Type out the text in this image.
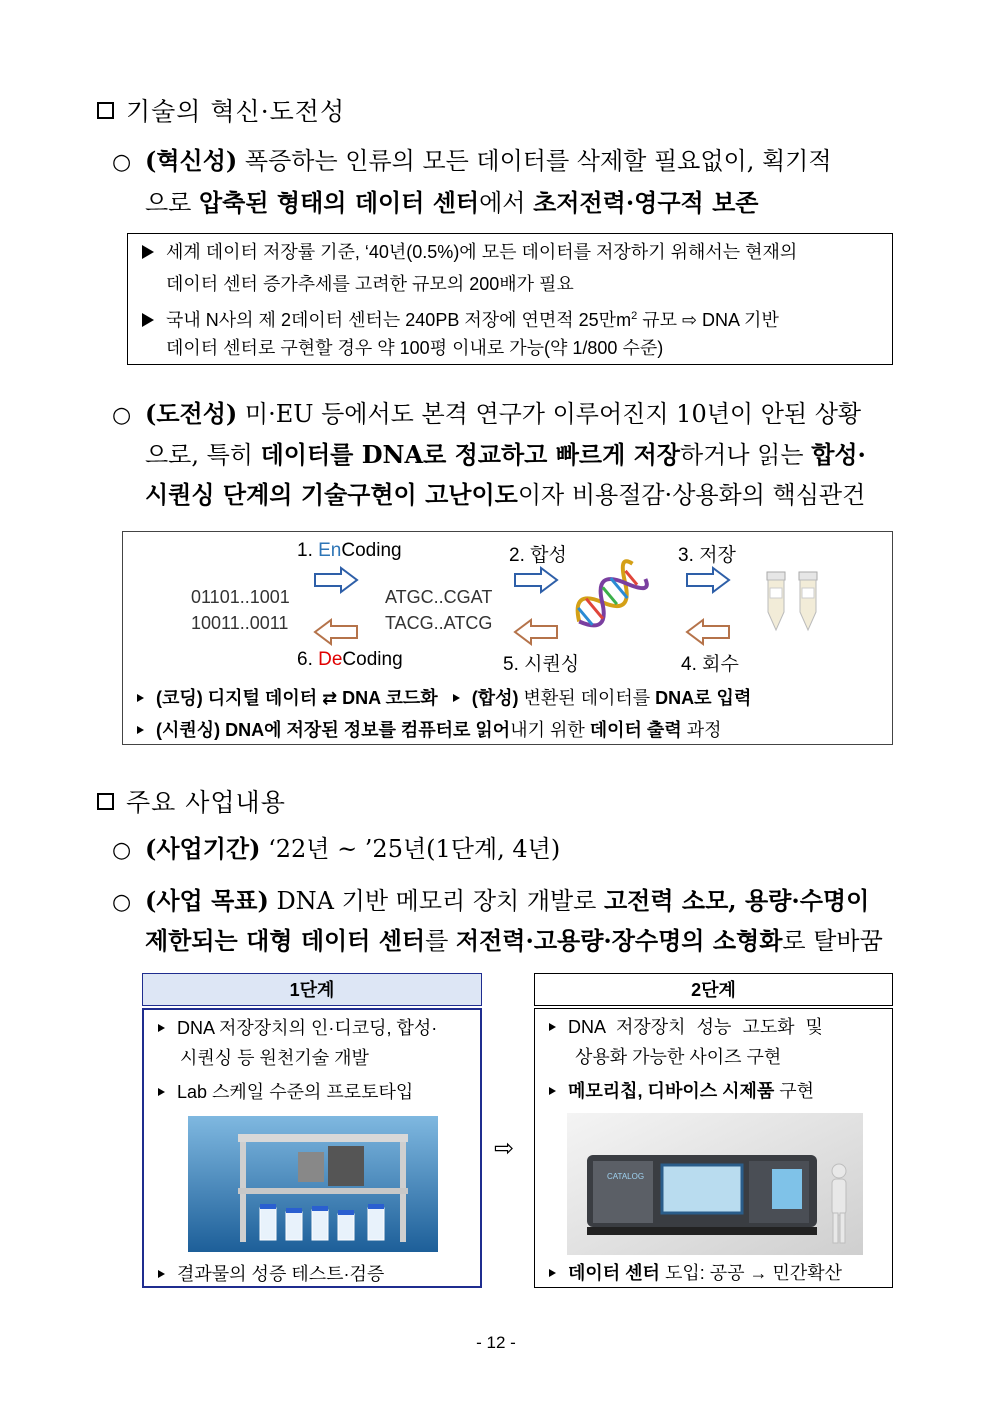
기술의 혁신·도전성
○ (혁신성) 폭증하는 인류의 모든 데이터를 삭제할 필요없이, 획기적
으로 압축된 형태의 데이터 센터에서 초저전력·영구적 보존
세계 데이터 저장률 기준, ‘40년(0.5%)에 모든 데이터를 저장하기 위해서는 현재의
데이터 센터 증가추세를 고려한 규모의 200배가 필요
국내 N사의 제 2데이터 센터는 240PB 저장에 연면적 25만$m^2$ 규모 ⇨ DNA 기반
데이터 센터로 구현할 경우 약 100평 이내로 가능(약 1/800 수준)
○ (도전성) 미·EU 등에서도 본격 연구가 이루어진지 10년이 안된 상황
으로, 특히 데이터를 DNA로 정교하고 빠르게 저장하거나 읽는 합성·
시퀀싱 단계의 기술구현이 고난이도이자 비용절감·상용화의 핵심관건
1. EnCoding	2. 합성	3. 저장
6. DeCoding	5. 시퀀싱	4. 회수
01101..1001
10011..0011
ATGC..CGAT
TACG..ATCG
(코딩) 디지털 데이터 ⇄ DNA 코드화 (합성) 변환된 데이터를 DNA로 입력
(시퀀싱) DNA에 저장된 정보를 컴퓨터로 읽어내기 위한 데이터 출력 과정
주요 사업내용
○ (사업기간) ‘22년 ~ ’25년(1단계, 4년)
○ (사업 목표) DNA 기반 메모리 장치 개발로 고전력 소모, 용량·수명이
제한되는 대형 데이터 센터를 저전력·고용량·장수명의 소형화로 탈바꿈
1단계
DNA 저장장치의 인·디코딩, 합성·
시퀀싱 등 원천기술 개발
Lab 스케일 수준의 프로토타입
결과물의 성증 테스트·검증
⇨
2단계
DNA 저장장치 성능 고도화 및
상용화 가능한 사이즈 구현
메모리칩, 디바이스 시제품 구현
CATALOG
데이터 센터 도입: 공공 → 민간확산
- 12 -
